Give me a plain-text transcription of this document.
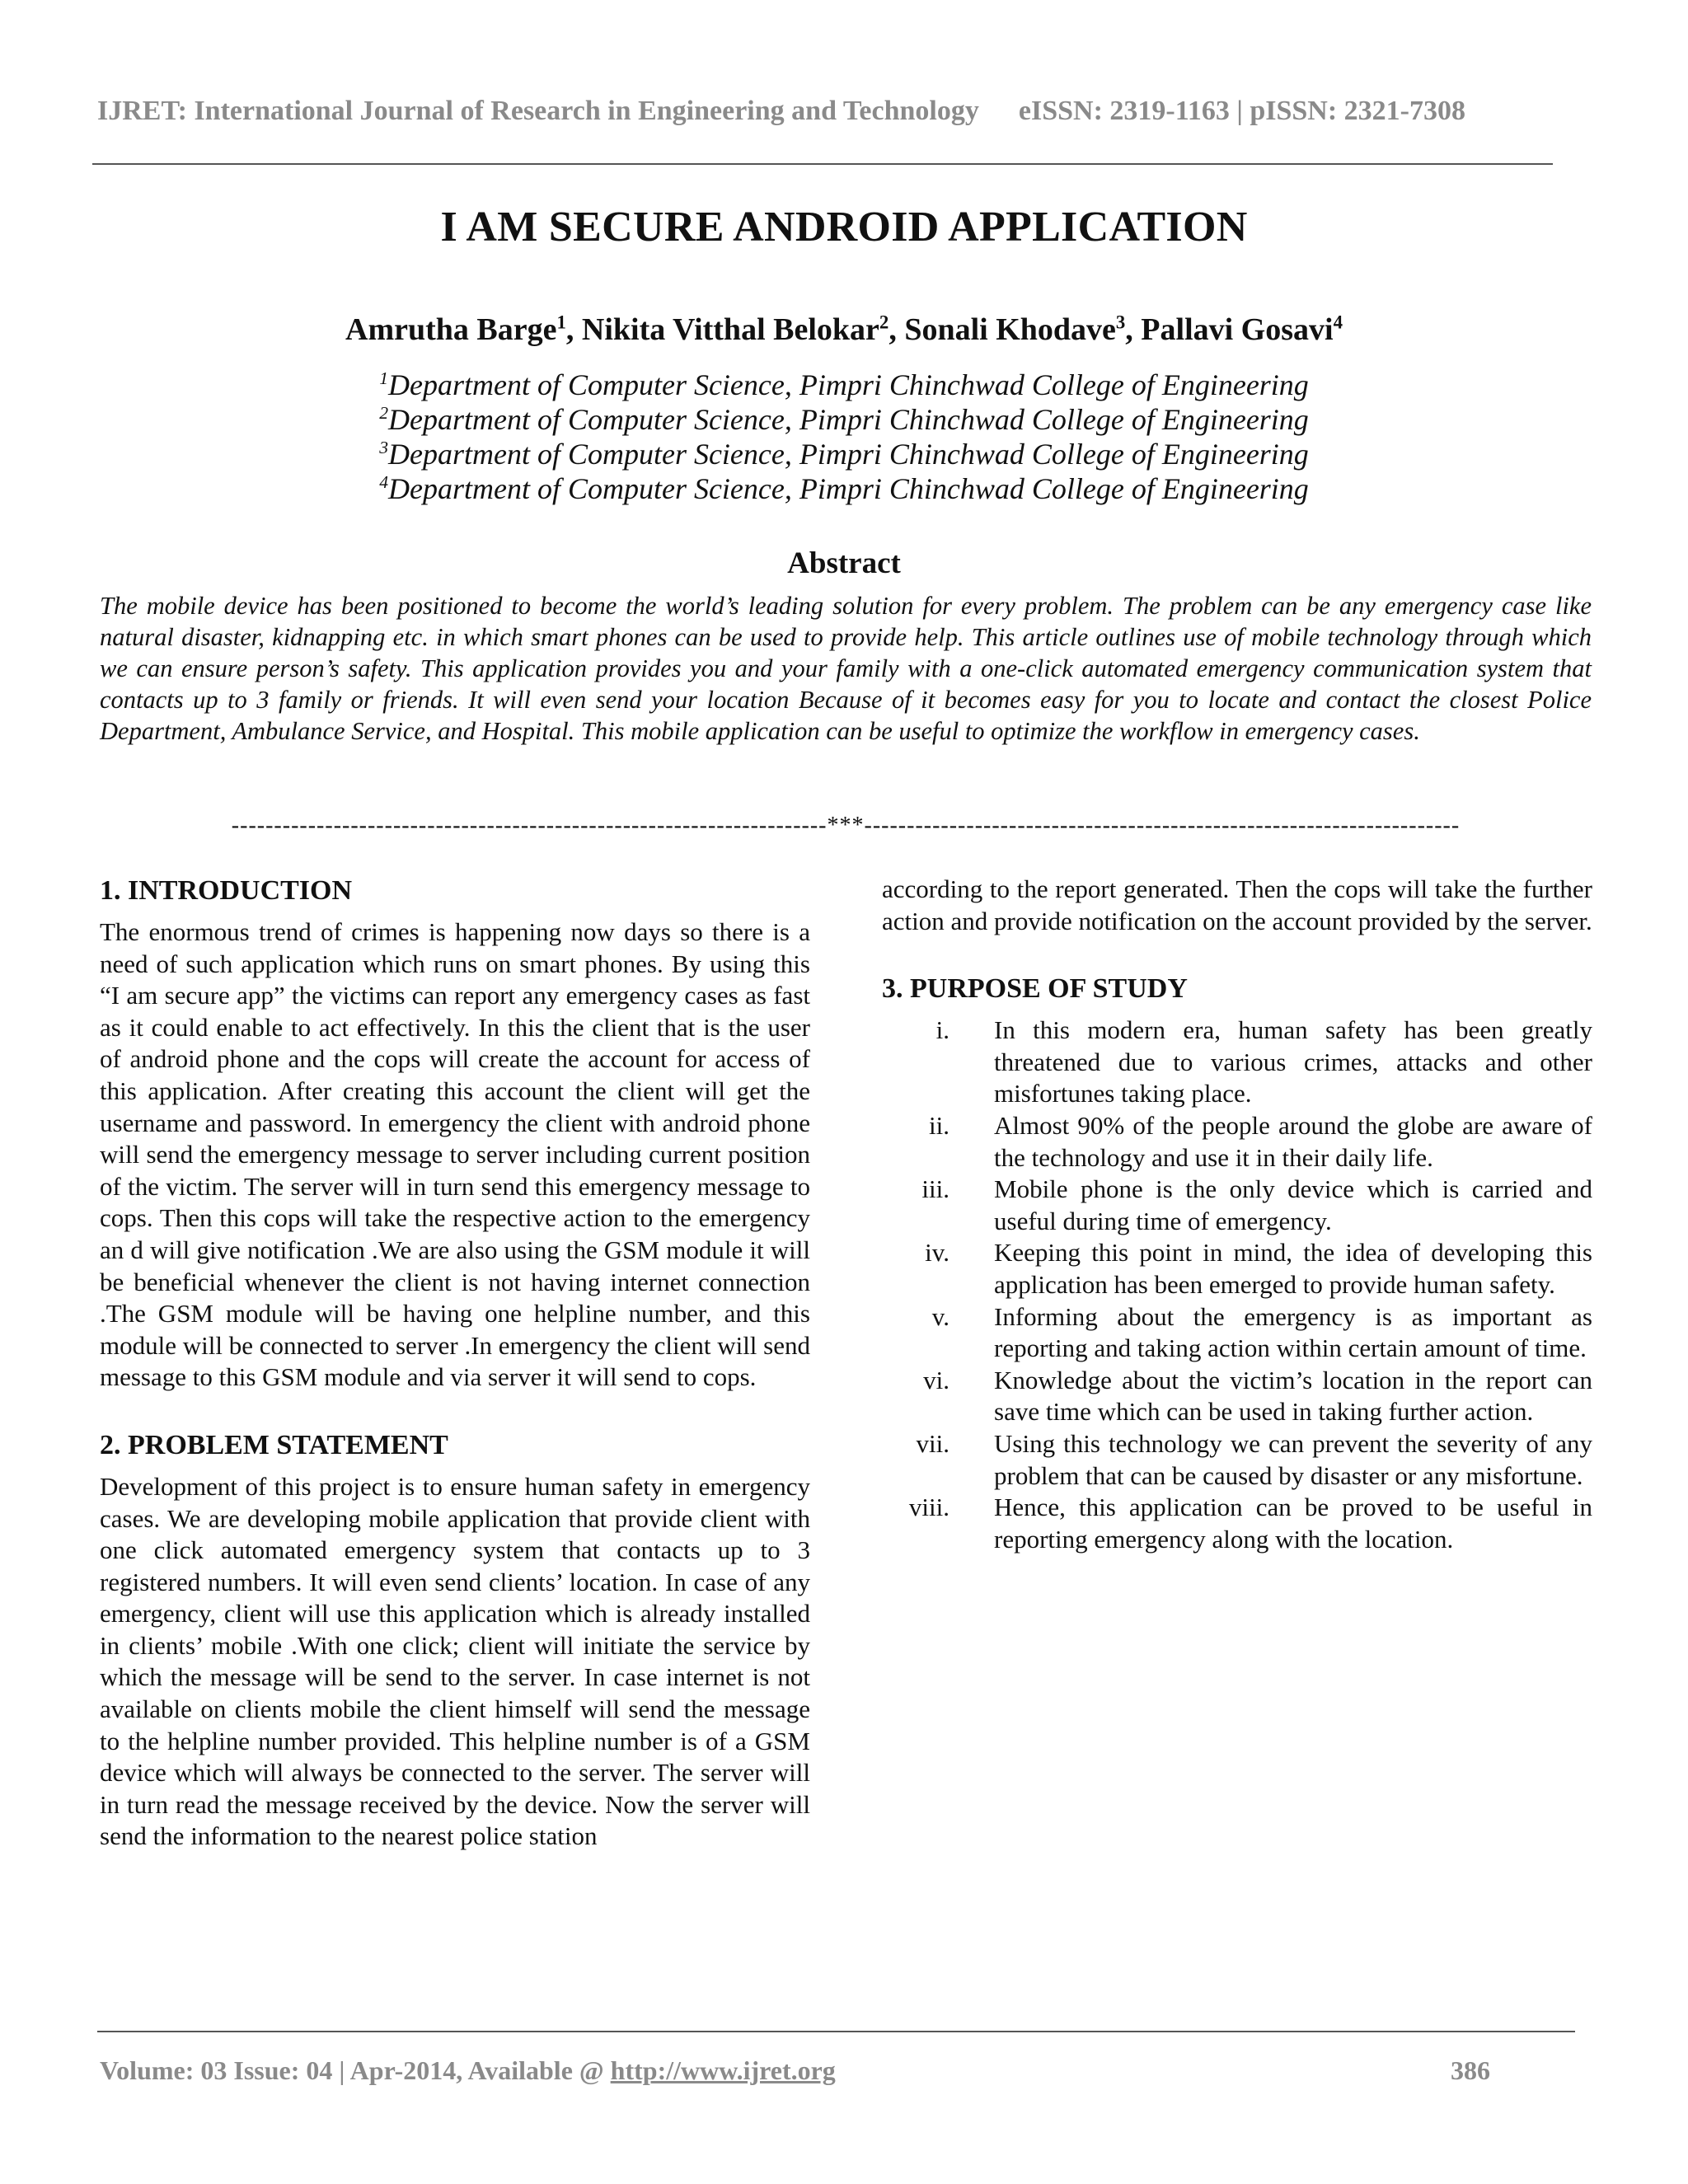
IJRET: International Journal of Research in Engineering and Technology eISSN: 2319-1163 | pISSN: 2321-7308
I AM SECURE ANDROID APPLICATION
Amrutha Barge$^1$, Nikita Vitthal Belokar$^2$, Sonali Khodave$^3$, Pallavi Gosavi$^4$
$^1$Department of Computer Science, Pimpri Chinchwad College of Engineering
$^2$Department of Computer Science, Pimpri Chinchwad College of Engineering
$^3$Department of Computer Science, Pimpri Chinchwad College of Engineering
$^4$Department of Computer Science, Pimpri Chinchwad College of Engineering
Abstract
The mobile device has been positioned to become the world’s leading solution for every problem. The problem can be any emergency case like natural disaster, kidnapping etc. in which smart phones can be used to provide help. This article outlines use of mobile technology through which we can ensure person’s safety. This application provides you and your family with a one-click automated emergency communication system that contacts up to 3 family or friends. It will even send your location Because of it becomes easy for you to locate and contact the closest Police Department, Ambulance Service, and Hospital. This mobile application can be useful to optimize the workflow in emergency cases.
----------------------------------------------------------------------***----------------------------------------------------------------------
1. INTRODUCTION

The enormous trend of crimes is happening now days so there is a need of such application which runs on smart phones. By using this “I am secure app” the victims can report any emergency cases as fast as it could enable to act effectively. In this the client that is the user of android phone and the cops will create the account for access of this application. After creating this account the client will get the username and password. In emergency the client with android phone will send the emergency message to server including current position of the victim. The server will in turn send this emergency message to cops. Then this cops will take the respective action to the emergency an d will give notification .We are also using the GSM module it will be beneficial whenever the client is not having internet connection .The GSM module will be having one helpline number, and this module will be connected to server .In emergency the client will send message to this GSM module and via server it will send to cops.

2. PROBLEM STATEMENT

Development of this project is to ensure human safety in emergency cases. We are developing mobile application that provide client with one click automated emergency system that contacts up to 3 registered numbers. It will even send clients’ location. In case of any emergency, client will use this application which is already installed in clients’ mobile .With one click; client will initiate the service by which the message will be send to the server. In case internet is not available on clients mobile the client himself will send the message to the helpline number provided. This helpline number is of a GSM device which will always be connected to the server. The server will in turn read the message received by the device. Now the server will send the information to the nearest police station

according to the report generated. Then the cops will take the further action and provide notification on the account provided by the server.

3. PURPOSE OF STUDY
i. In this modern era, human safety has been greatly threatened due to various crimes, attacks and other misfortunes taking place.
ii. Almost 90% of the people around the globe are aware of the technology and use it in their daily life.
iii. Mobile phone is the only device which is carried and useful during time of emergency.
iv. Keeping this point in mind, the idea of developing this application has been emerged to provide human safety.
v. Informing about the emergency is as important as reporting and taking action within certain amount of time.
vi. Knowledge about the victim’s location in the report can save time which can be used in taking further action.
vii. Using this technology we can prevent the severity of any problem that can be caused by disaster or any misfortune.
viii. Hence, this application can be proved to be useful in reporting emergency along with the location.
Volume: 03 Issue: 04 | Apr-2014, Available @ http://www.ijret.org	386
